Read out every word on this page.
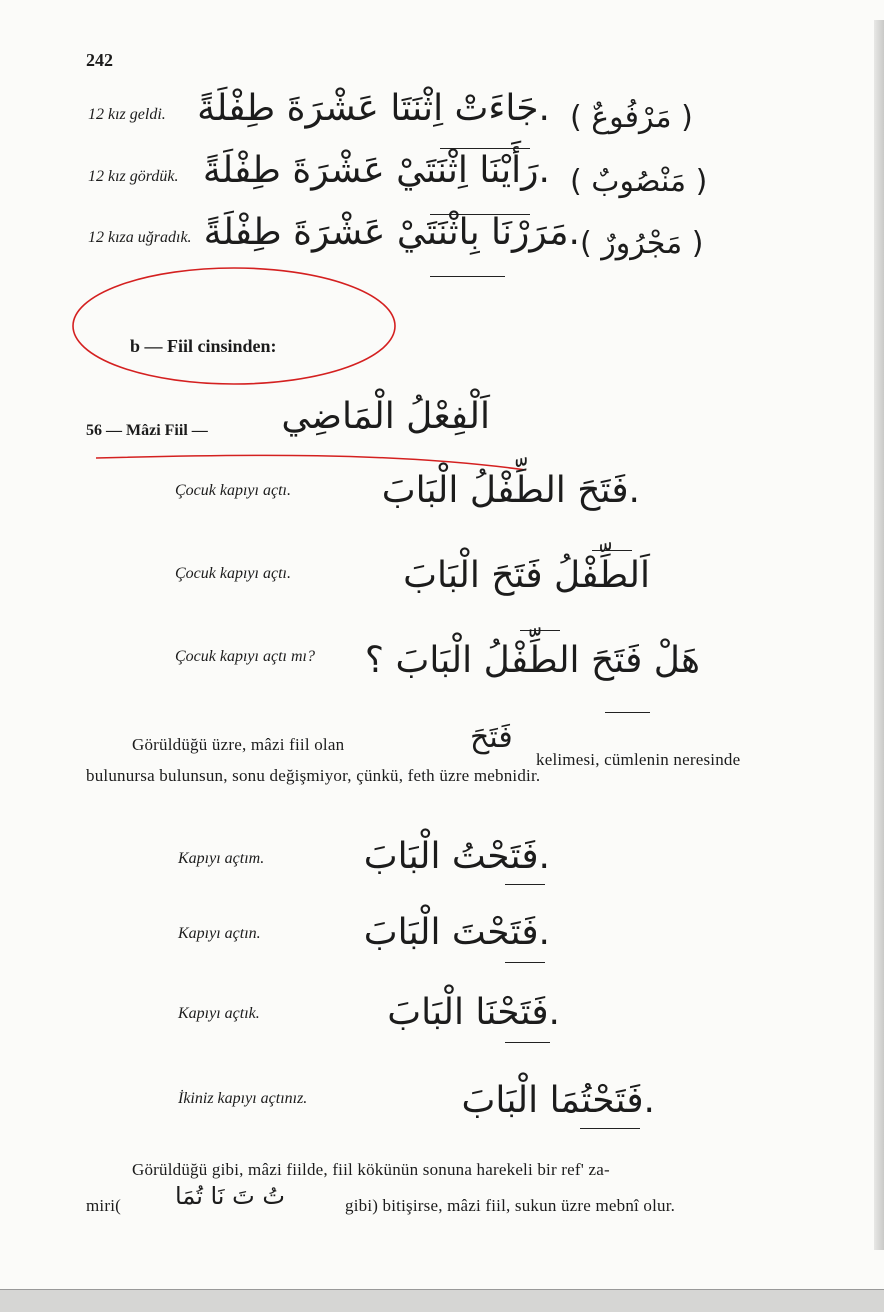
242
12 kız geldi. .جَاءَتْ اِثْنَتَا عَشْرَةَ طِفْلَةً ( مَرْفُوعٌ )
12 kız gördük. .رَأَيْنَا اِثْنَتَيْ عَشْرَةَ طِفْلَةً ( مَنْصُوبٌ )
12 kıza uğradık. .مَرَرْنَا بِاثْنَتَيْ عَشْرَةَ طِفْلَةً ( مَجْرُورٌ )
b — Fiil cinsinden:
56 — Mâzi Fiil — اَلْفِعْلُ الْمَاضِي
Çocuk kapıyı açtı.	.فَتَحَ الطِّفْلُ الْبَابَ
Çocuk kapıyı açtı.	اَلطِّفْلُ فَتَحَ الْبَابَ
Çocuk kapıyı açtı mı? هَلْ فَتَحَ الطِّفْلُ الْبَابَ ؟
Görüldüğü üzre, mâzi fiil olan	فَتَحَ
kelimesi, cümlenin neresinde
bulunursa bulunsun, sonu değişmiyor, çünkü, feth üzre mebnidir.
Kapıyı açtım.	.فَتَحْتُ الْبَابَ
Kapıyı açtın.	.فَتَحْتَ الْبَابَ
Kapıyı açtık.	.فَتَحْنَا الْبَابَ
İkiniz kapıyı açtınız.	.فَتَحْتُمَا الْبَابَ
Görüldüğü gibi, mâzi fiilde, fiil kökünün sonuna harekeli bir ref' za-
miri( تُ تَ نَا تُمَا	gibi) bitişirse, mâzi fiil, sukun üzre mebnî olur.
